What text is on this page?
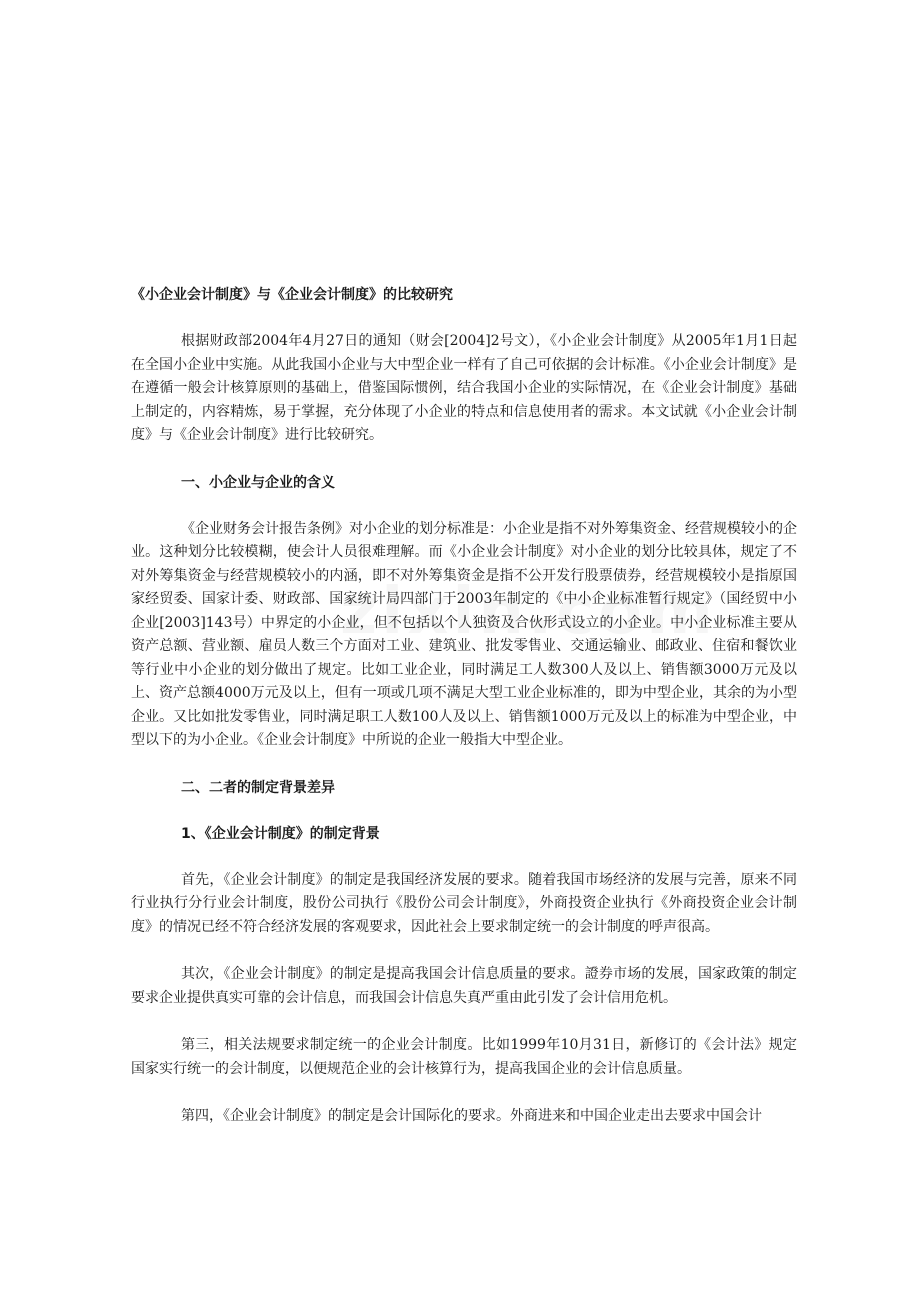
《小企业会计制度》与《企业会计制度》的比较研究

根据财政部2004年4月27日的通知（财会[2004]2号文），《小企业会计制度》从2005年1月1日起在全国小企业中实施。从此我国小企业与大中型企业一样有了自己可依据的会计标准。《小企业会计制度》是在遵循一般会计核算原则的基础上，借鉴国际惯例，结合我国小企业的实际情况，在《企业会计制度》基础上制定的，内容精炼，易于掌握，充分体现了小企业的特点和信息使用者的需求。本文试就《小企业会计制度》与《企业会计制度》进行比较研究。

一、小企业与企业的含义

《企业财务会计报告条例》对小企业的划分标准是：小企业是指不对外筹集资金、经营规模较小的企业。这种划分比较模糊，使会计人员很难理解。而《小企业会计制度》对小企业的划分比较具体，规定了不对外筹集资金与经营规模较小的内涵，即不对外筹集资金是指不公开发行股票债券，经营规模较小是指原国家经贸委、国家计委、财政部、国家统计局四部门于2003年制定的《中小企业标准暂行规定》（国经贸中小企业[2003]143号）中界定的小企业，但不包括以个人独资及合伙形式设立的小企业。中小企业标准主要从资产总额、营业额、雇员人数三个方面对工业、建筑业、批发零售业、交通运输业、邮政业、住宿和餐饮业等行业中小企业的划分做出了规定。比如工业企业，同时满足工人数300人及以上、销售额3000万元及以上、资产总额4000万元及以上，但有一项或几项不满足大型工业企业标准的，即为中型企业，其余的为小型企业。又比如批发零售业，同时满足职工人数100人及以上、销售额1000万元及以上的标准为中型企业，中型以下的为小企业。《企业会计制度》中所说的企业一般指大中型企业。

二、二者的制定背景差异
1、《企业会计制度》的制定背景

首先，《企业会计制度》的制定是我国经济发展的要求。随着我国市场经济的发展与完善，原来不同行业执行分行业会计制度，股份公司执行《股份公司会计制度》，外商投资企业执行《外商投资企业会计制度》的情况已经不符合经济发展的客观要求，因此社会上要求制定统一的会计制度的呼声很高。

其次，《企业会计制度》的制定是提高我国会计信息质量的要求。證券市场的发展，国家政策的制定要求企业提供真实可靠的会计信息，而我国会计信息失真严重由此引发了会计信用危机。

第三，相关法规要求制定统一的企业会计制度。比如1999年10月31日，新修订的《会计法》规定国家实行统一的会计制度，以便规范企业的会计核算行为，提高我国企业的会计信息质量。

第四，《企业会计制度》的制定是会计国际化的要求。外商进来和中国企业走出去要求中国会计
